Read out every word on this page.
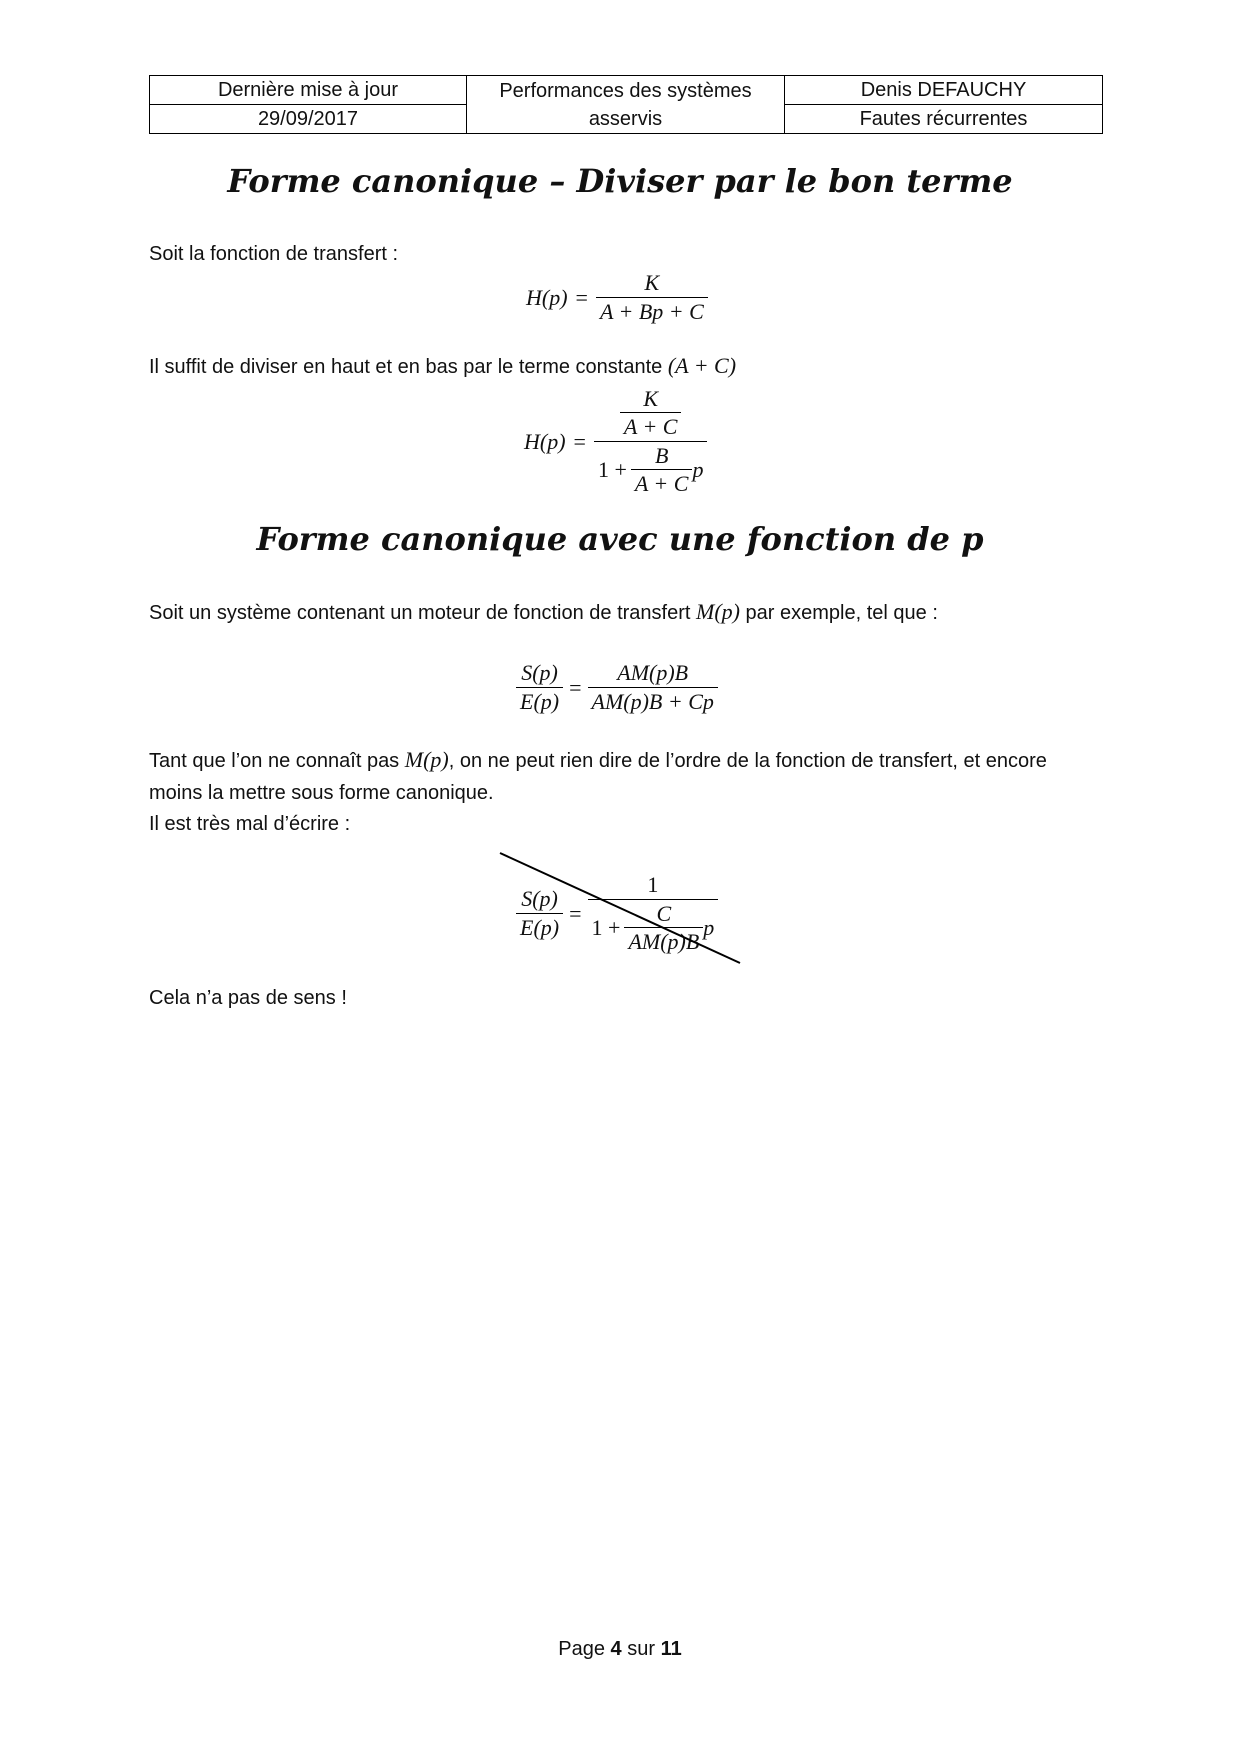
Dernière mise à jour	Performances des systèmes asservis	Denis DEFAUCHY
29/09/2017		Fautes récurrentes
Forme canonique – Diviser par le bon terme

Soit la fonction de transfert :

$H(p) = \frac{K}{A + Bp + C}$

Il suffit de diviser en haut et en bas par le terme constante (A + C)

H(p) =
$\frac{K}{A + C}$
$1 + \frac{B}{A + C}$ p
Forme canonique avec une fonction de p

Soit un système contenant un moteur de fonction de transfert M(p) par exemple, tel que :

$\frac{S(p)}{E(p)} = \frac{AM(p)B}{AM(p)B + Cp}$

Tant que l’on ne connaît pas M(p), on ne peut rien dire de l’ordre de la fonction de transfert, et encore moins la mettre sous forme canonique.

Il est très mal d’écrire :

$\frac{S(p)}{E(p)}$ =
1
$1 + \frac{C}{AM(p)B}$ p

Cela n’a pas de sens !

Page 4 sur 11
